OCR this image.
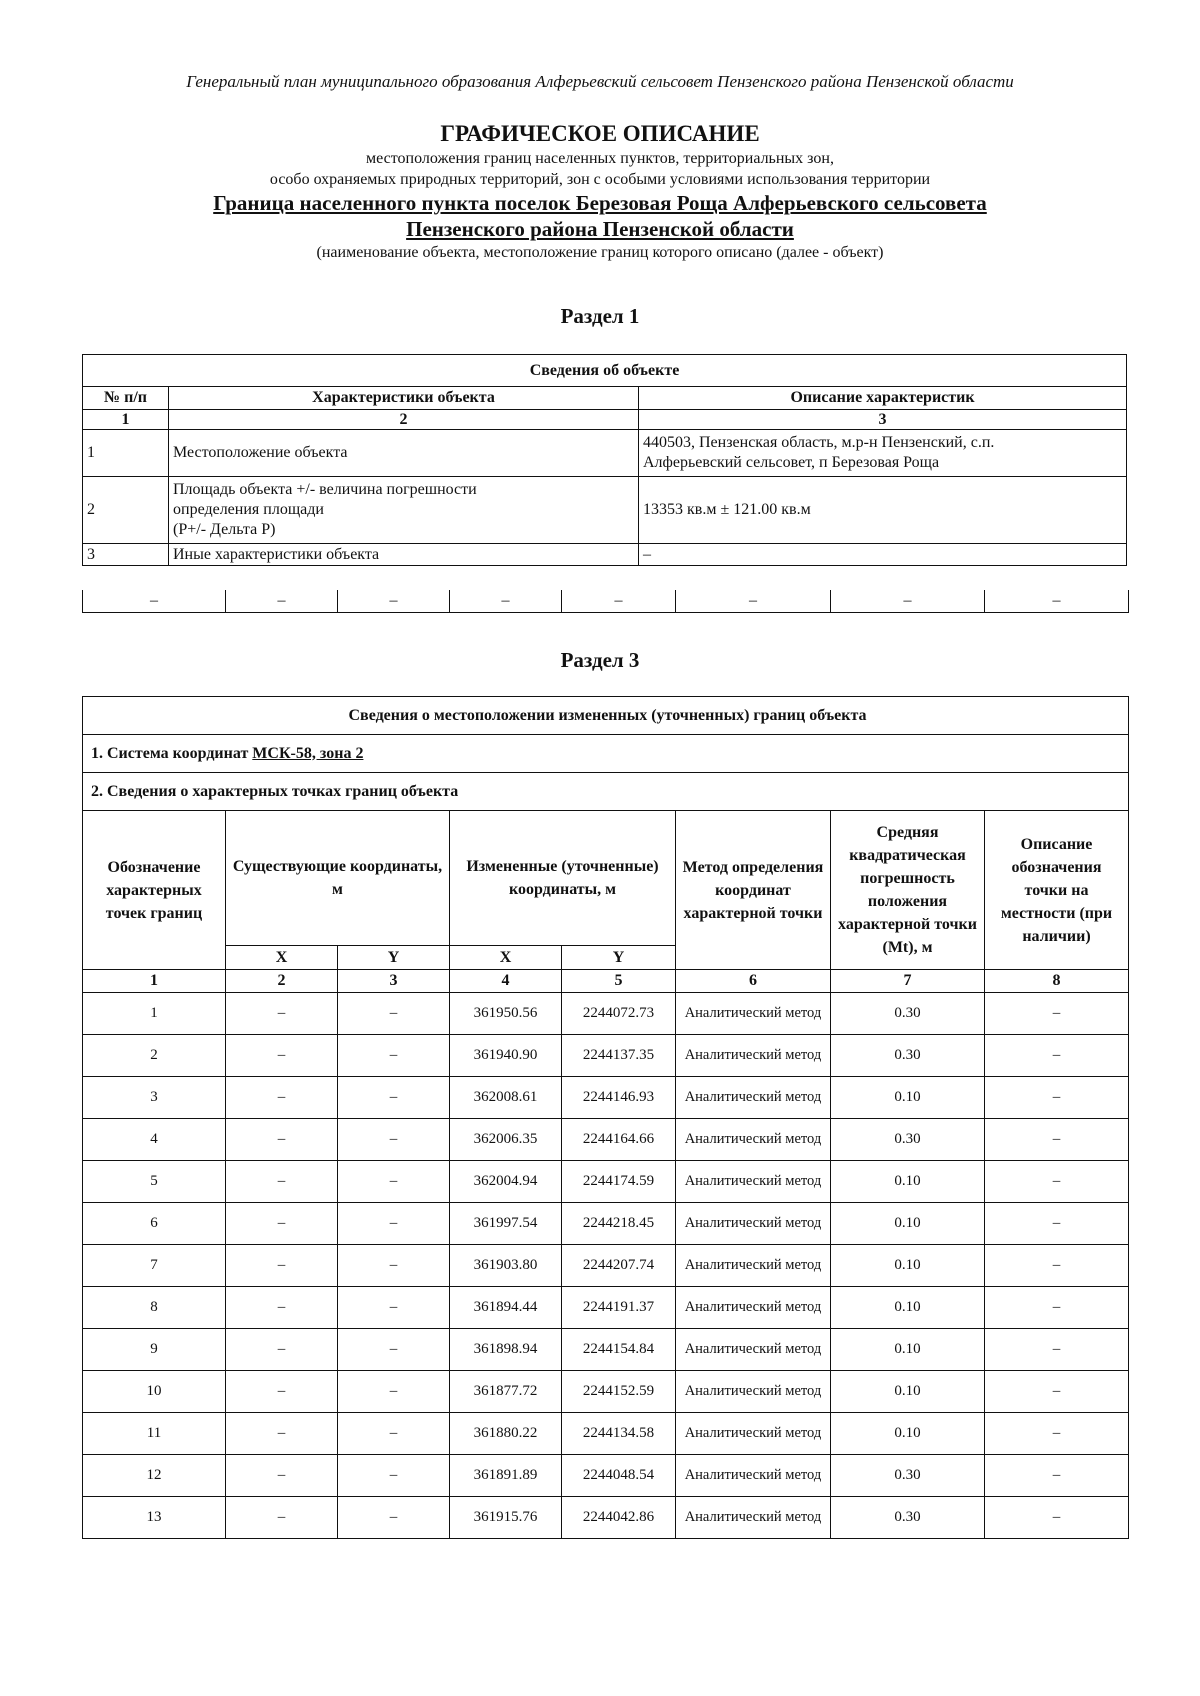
Генеральный план муниципального образования Алферьевский сельсовет Пензенского района Пензенской области

ГРАФИЧЕСКОЕ ОПИСАНИЕ

местоположения границ населенных пунктов, территориальных зон,

особо охраняемых природных территорий, зон с особыми условиями использования территории

Граница населенного пункта поселок Березовая Роща Алферьевского сельсовета

Пензенского района Пензенской области

(наименование объекта, местоположение границ которого описано (далее - объект)

Раздел 1
Сведения об объекте		
№ п/п	Характеристики объекта	Описание характеристик
1	2	3
1	Местоположение объекта	440503, Пензенская область, м.р-н Пензенский, с.п.
Алферьевский сельсовет, п Березовая Роща

2	Площадь объекта +/- величина погрешности
определения площади
(Р+/- Дельта Р)	13353 кв.м ± 121.00 кв.м
3	Иные характеристики объекта	–
–	–	–	–	–	–	–	–
Раздел 3
Сведения о местоположении измененных (уточненных) границ объекта							
1. Система координат МСК-58, зона 2							
2. Сведения о характерных точках границ объекта							
Обозначение характерных точек границ	Существующие координаты, м		Измененные (уточненные) координаты, м		Метод определения координат характерной точки	Средняя квадратическая погрешность положения характерной точки (Mt), м	Описание обозначения точки на местности (при наличии)
	X	Y	X	Y			
1	2	3	4	5	6	7	8
1	–	–	361950.56	2244072.73	Аналитический метод	0.30	–
2	–	–	361940.90	2244137.35	Аналитический метод	0.30	–
3	–	–	362008.61	2244146.93	Аналитический метод	0.10	–
4	–	–	362006.35	2244164.66	Аналитический метод	0.30	–
5	–	–	362004.94	2244174.59	Аналитический метод	0.10	–
6	–	–	361997.54	2244218.45	Аналитический метод	0.10	–
7	–	–	361903.80	2244207.74	Аналитический метод	0.10	–
8	–	–	361894.44	2244191.37	Аналитический метод	0.10	–
9	–	–	361898.94	2244154.84	Аналитический метод	0.10	–
10	–	–	361877.72	2244152.59	Аналитический метод	0.10	–
11	–	–	361880.22	2244134.58	Аналитический метод	0.10	–
12	–	–	361891.89	2244048.54	Аналитический метод	0.30	–
13	–	–	361915.76	2244042.86	Аналитический метод	0.30	–
